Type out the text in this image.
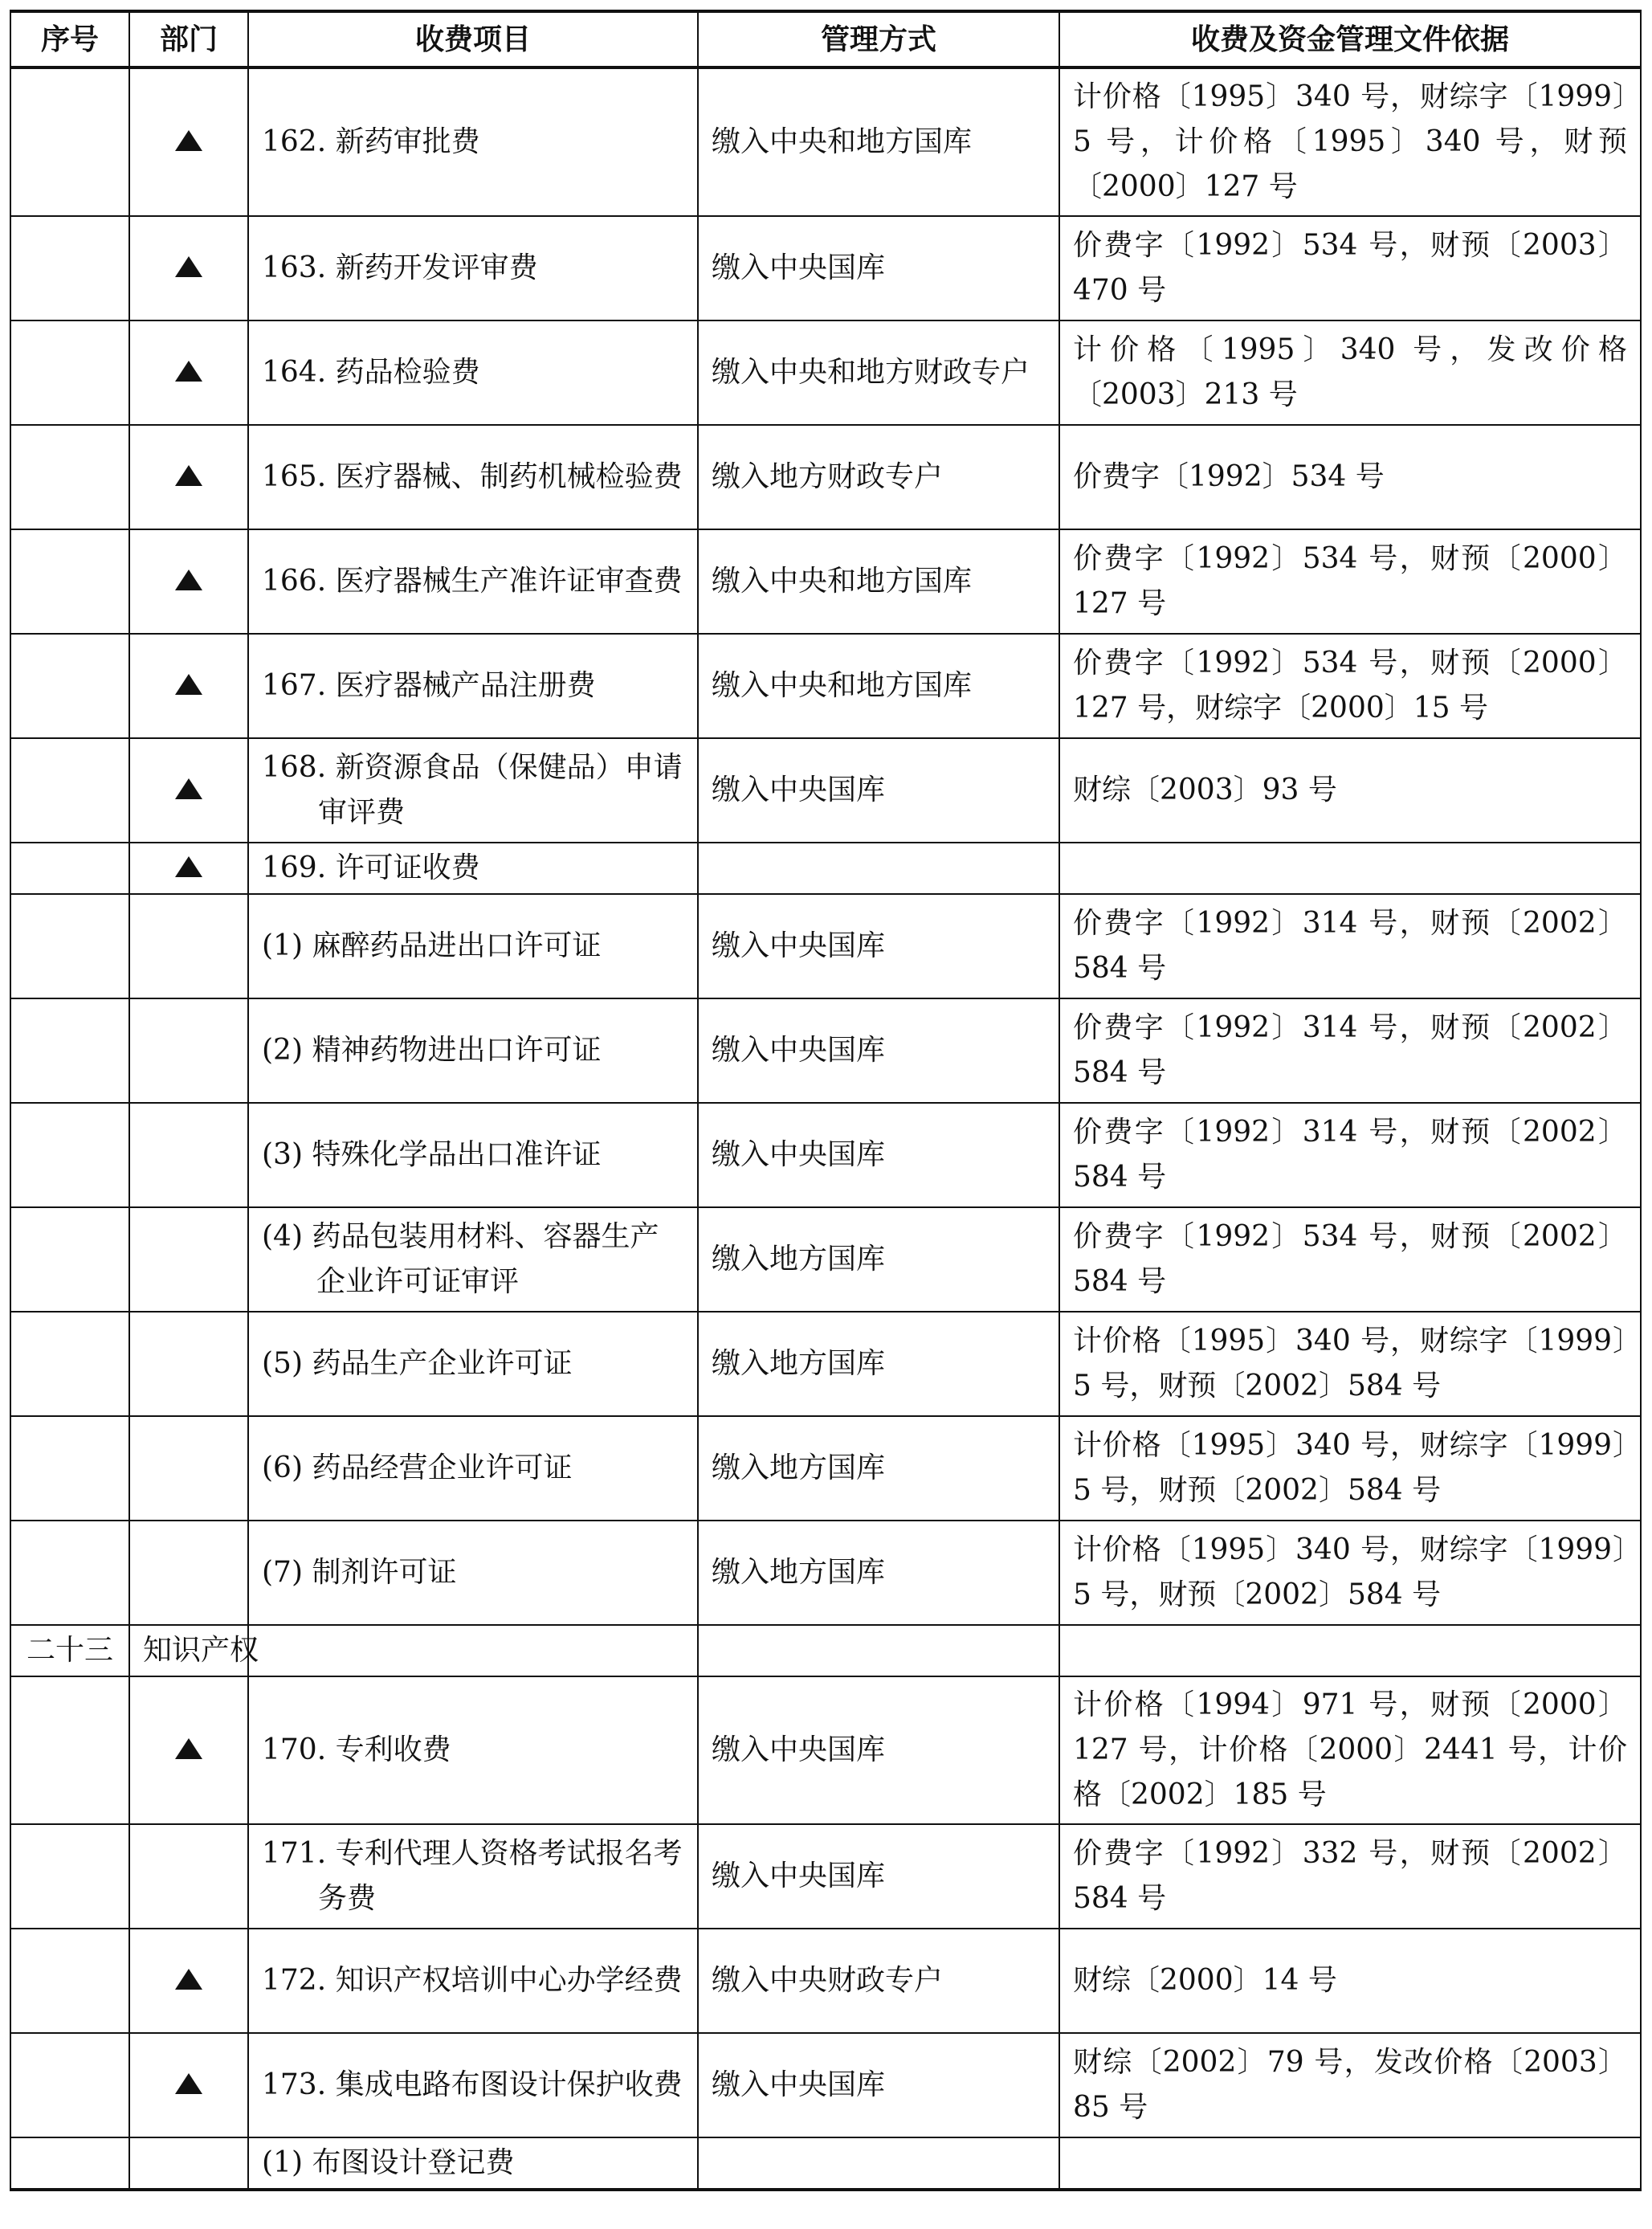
序号	部门	收费项目	管理方式	收费及资金管理文件依据

		162. 新药审批费	缴入中央和地方国库	计价格〔1995〕340 号，财综字〔1999〕5 号，计价格〔1995〕340 号，财预〔2000〕127 号

		163. 新药开发评审费	缴入中央国库	价费字〔1992〕534 号，财预〔2003〕470 号

		164. 药品检验费	缴入中央和地方财政专户	计价格〔1995〕340 号，发改价格〔2003〕213 号

		165. 医疗器械、制药机械检验费	缴入地方财政专户	价费字〔1992〕534 号

		166. 医疗器械生产准许证审查费	缴入中央和地方国库	价费字〔1992〕534 号，财预〔2000〕127 号

		167. 医疗器械产品注册费	缴入中央和地方国库	价费字〔1992〕534 号，财预〔2000〕127 号，财综字〔2000〕15 号

		168. 新资源食品（保健品）申请审评费	缴入中央国库	财综〔2003〕93 号

		169. 许可证收费		

		(1) 麻醉药品进出口许可证	缴入中央国库	价费字〔1992〕314 号，财预〔2002〕584 号

		(2) 精神药物进出口许可证	缴入中央国库	价费字〔1992〕314 号，财预〔2002〕584 号

		(3) 特殊化学品出口准许证	缴入中央国库	价费字〔1992〕314 号，财预〔2002〕584 号

		(4) 药品包装用材料、容器生产企业许可证审评	缴入地方国库	价费字〔1992〕534 号，财预〔2002〕584 号

		(5) 药品生产企业许可证	缴入地方国库	计价格〔1995〕340 号，财综字〔1999〕5 号，财预〔2002〕584 号

		(6) 药品经营企业许可证	缴入地方国库	计价格〔1995〕340 号，财综字〔1999〕5 号，财预〔2002〕584 号

		(7) 制剂许可证	缴入地方国库	计价格〔1995〕340 号，财综字〔1999〕5 号，财预〔2002〕584 号
二十三	知识产权	

		170. 专利收费	缴入中央国库	计价格〔1994〕971 号，财预〔2000〕127 号，计价格〔2000〕2441 号，计价格〔2002〕185 号

		171. 专利代理人资格考试报名考务费	缴入中央国库	价费字〔1992〕332 号，财预〔2002〕584 号

		172. 知识产权培训中心办学经费	缴入中央财政专户	财综〔2000〕14 号

		173. 集成电路布图设计保护收费	缴入中央国库	财综〔2002〕79 号，发改价格〔2003〕85 号

		(1) 布图设计登记费		
